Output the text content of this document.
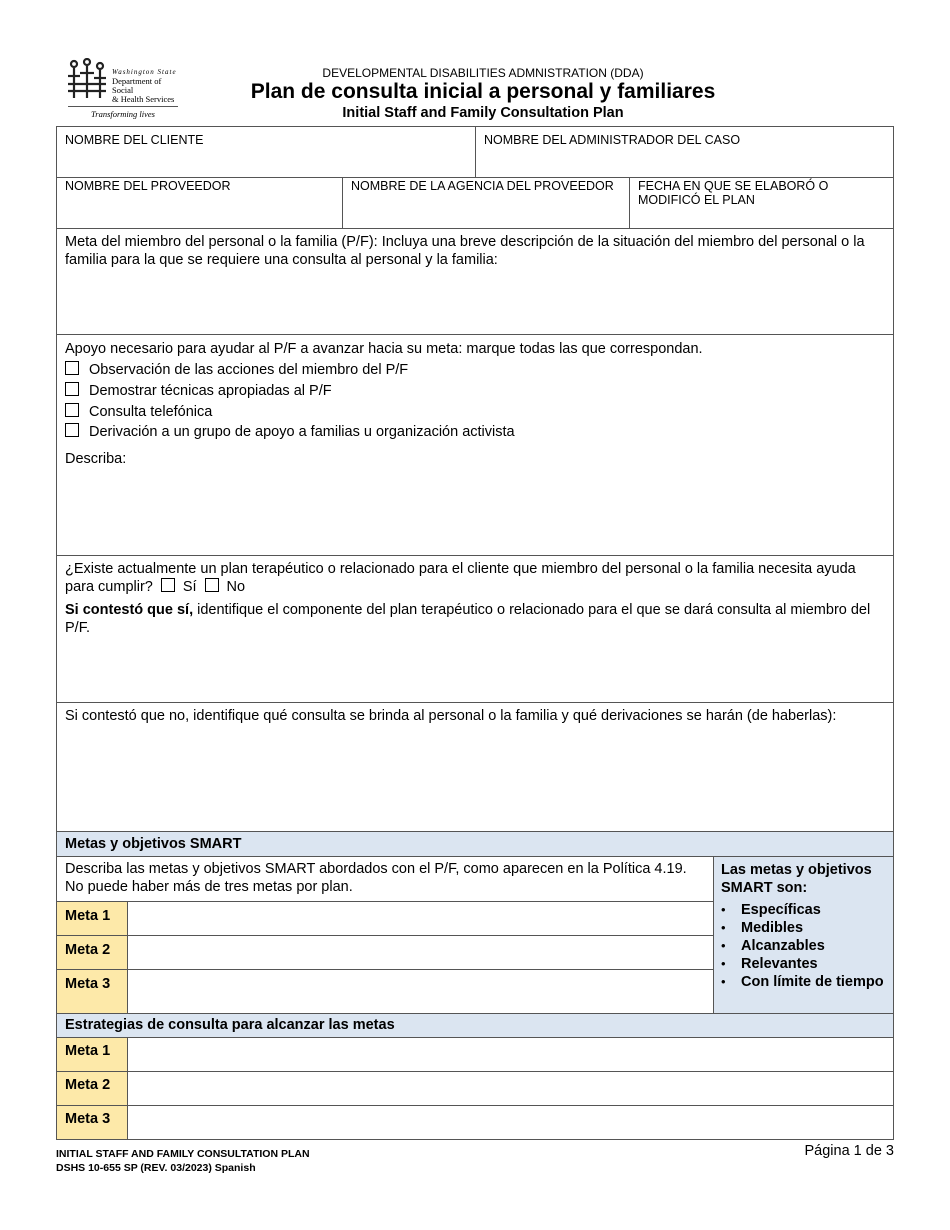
Washington State
Department of Social
& Health Services
Transforming lives
DEVELOPMENTAL DISABILITIES ADMNISTRATION (DDA)
Plan de consulta inicial a personal y familiares
Initial Staff and Family Consultation Plan
NOMBRE DEL CLIENTE	NOMBRE DEL ADMINISTRADOR DEL CASO
NOMBRE DEL PROVEEDOR	NOMBRE DE LA AGENCIA DEL PROVEEDOR FECHA EN QUE SE ELABORÓ O MODIFICÓ EL PLAN
Meta del miembro del personal o la familia (P/F): Incluya una breve descripción de la situación del miembro del personal o la familia para la que se requiere una consulta al personal y la familia:
Apoyo necesario para ayudar al P/F a avanzar hacia su meta: marque todas las que correspondan.
Observación de las acciones del miembro del P/F
Demostrar técnicas apropiadas al P/F
Consulta telefónica
Derivación a un grupo de apoyo a familias u organización activista
Describa:
¿Existe actualmente un plan terapéutico o relacionado para el cliente que miembro del personal o la familia necesita ayuda para cumplir? Sí No
Si contestó que sí, identifique el componente del plan terapéutico o relacionado para el que se dará consulta al miembro del P/F.
Si contestó que no, identifique qué consulta se brinda al personal o la familia y qué derivaciones se harán (de haberlas):
Metas y objetivos SMART
Las metas y objetivos SMART son:
• Específicas
• Medibles
• Alcanzables
• Relevantes
• Con límite de tiempo
Describa las metas y objetivos SMART abordados con el P/F, como aparecen en la Política 4.19. No puede haber más de tres metas por plan.
Meta 1
Meta 2
Meta 3
Estrategias de consulta para alcanzar las metas
Meta 1
Meta 2
Meta 3
INITIAL STAFF AND FAMILY CONSULTATION PLAN
DSHS 10-655 SP (REV. 03/2023) Spanish
Página 1 de 3
